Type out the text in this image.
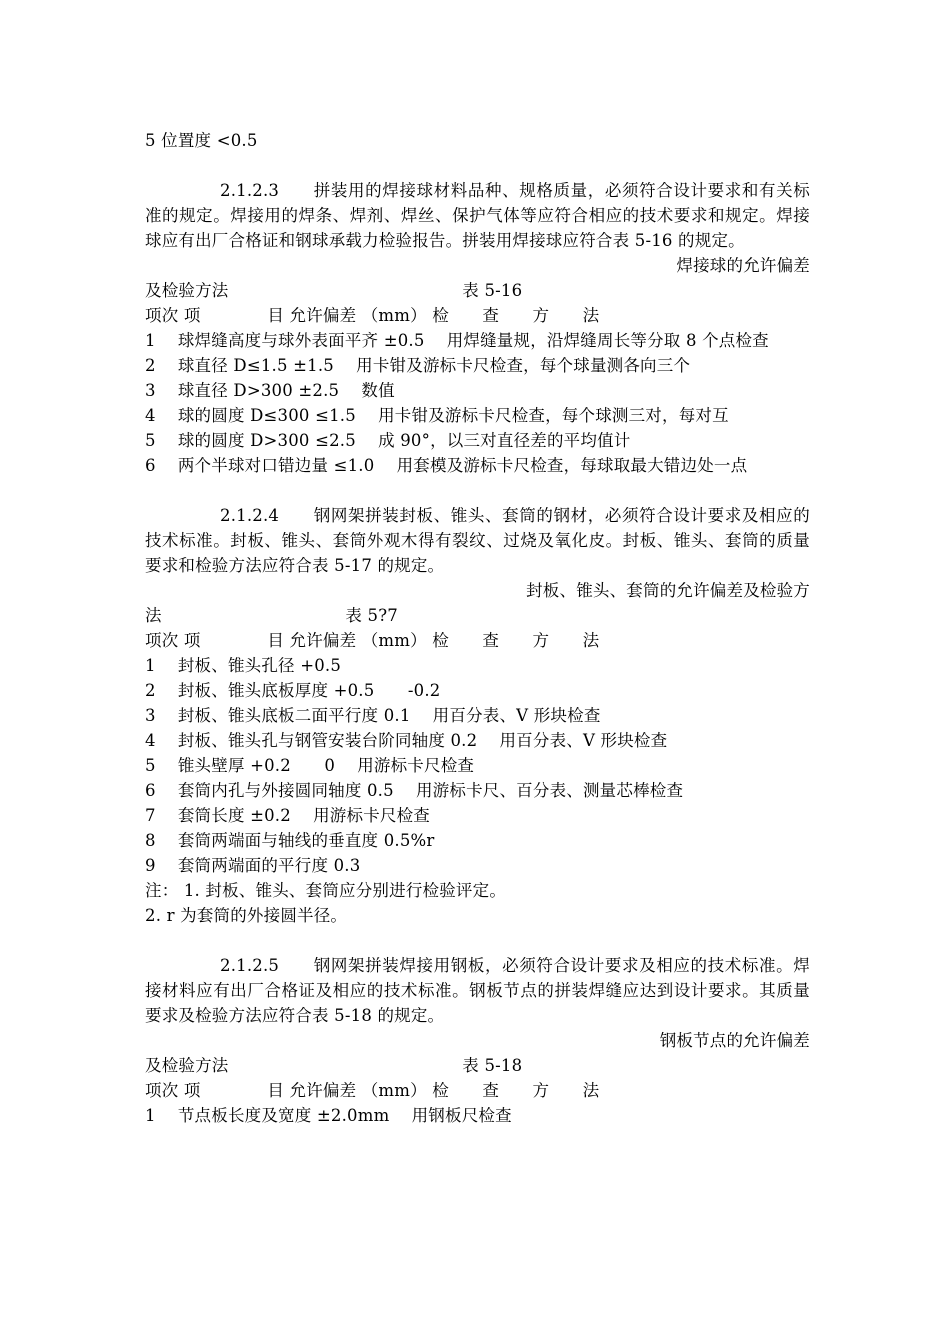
5 位置度 <0.5
2.1.2.3　　拼装用的焊接球材料品种、规格质量，必须符合设计要求和有关标准的规定。焊接用的焊条、焊剂、焊丝、保护气体等应符合相应的技术要求和规定。焊接球应有出厂合格证和钢球承载力检验报告。拼装用焊接球应符合表 5-16 的规定。
焊接球的允许偏差
及检验方法　　　　　　　　　　　　　　表 5-16
项次 项　　　　目 允许偏差 （mm） 检　　查　　方　　法
1　 球焊缝高度与球外表面平齐 ±0.5　 用焊缝量规，沿焊缝周长等分取 8 个点检查
2　 球直径 D≤1.5 ±1.5　 用卡钳及游标卡尺检查，每个球量测各向三个
3　 球直径 D>300 ±2.5　 数值
4　 球的圆度 D≤300 ≤1.5　 用卡钳及游标卡尺检查，每个球测三对，每对互
5　 球的圆度 D>300 ≤2.5　 成 90°，以三对直径差的平均值计
6　 两个半球对口错边量 ≤1.0　 用套模及游标卡尺检查，每球取最大错边处一点
2.1.2.4　　钢网架拼装封板、锥头、套筒的钢材，必须符合设计要求及相应的技术标准。封板、锥头、套筒外观木得有裂纹、过烧及氧化皮。封板、锥头、套筒的质量要求和检验方法应符合表 5-17 的规定。
封板、锥头、套筒的允许偏差及检验方
法　　　　　　　　　　　表 5?7
项次 项　　　　目 允许偏差 （mm） 检　　查　　方　　法
1　 封板、锥头孔径 +0.5
2　 封板、锥头底板厚度 +0.5　　-0.2
3　 封板、锥头底板二面平行度 0.1　 用百分表、V 形块检查
4　 封板、锥头孔与钢管安装台阶同轴度 0.2　 用百分表、V 形块检查
5　 锥头壁厚 +0.2　　0　 用游标卡尺检查
6　 套筒内孔与外接圆同轴度 0.5　 用游标卡尺、百分表、测量芯棒检查
7　 套筒长度 ±0.2　 用游标卡尺检查
8　 套筒两端面与轴线的垂直度 0.5%r
9　 套筒两端面的平行度 0.3
注： 1. 封板、锥头、套筒应分别进行检验评定。
2. r 为套筒的外接圆半径。
2.1.2.5　　钢网架拼装焊接用钢板，必须符合设计要求及相应的技术标准。焊接材料应有出厂合格证及相应的技术标准。钢板节点的拼装焊缝应达到设计要求。其质量要求及检验方法应符合表 5-18 的规定。
钢板节点的允许偏差
及检验方法　　　　　　　　　　　　　　表 5-18
项次 项　　　　目 允许偏差 （mm） 检　　查　　方　　法
1　 节点板长度及宽度 ±2.0mm　 用钢板尺检查
